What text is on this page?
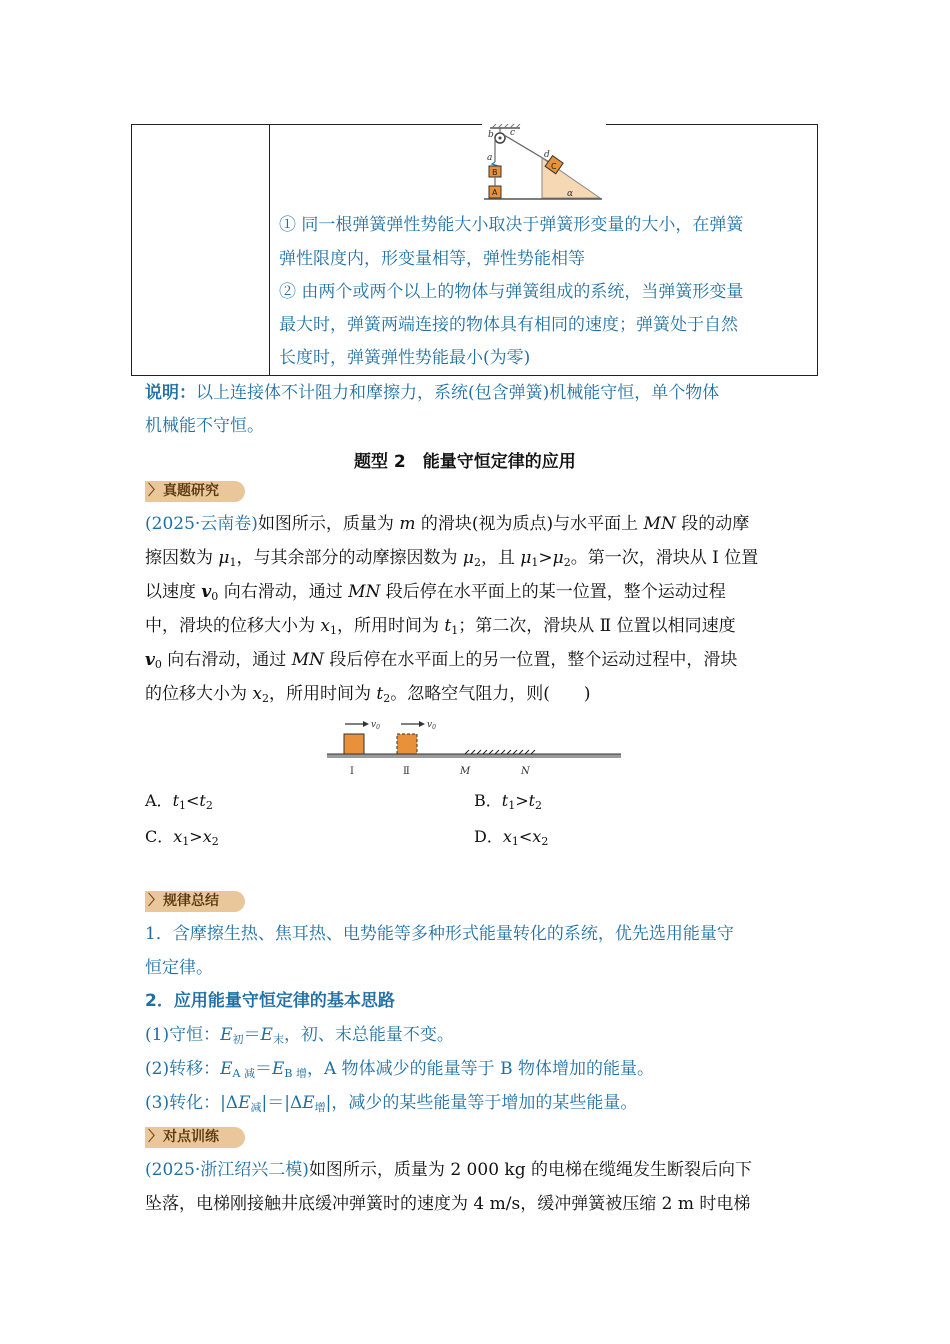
b c
a	d
B
A
C
α
① 同一根弹簧弹性势能大小取决于弹簧形变量的大小，在弹簧
弹性限度内，形变量相等，弹性势能相等
② 由两个或两个以上的物体与弹簧组成的系统，当弹簧形变量
最大时，弹簧两端连接的物体具有相同的速度；弹簧处于自然
长度时，弹簧弹性势能最小(为零)
说明：以上连接体不计阻力和摩擦力，系统(包含弹簧)机械能守恒，单个物体
机械能不守恒。
题型 2　能量守恒定律的应用
〉 真题研究
(2025·云南卷)如图所示，质量为 m 的滑块(视为质点)与水平面上 MN 段的动摩
擦因数为 $\mu_1$，与其余部分的动摩擦因数为 $\mu_2$，且 $\mu_1>\mu_2$。第一次，滑块从 Ⅰ 位置
以速度 $v_0$ 向右滑动，通过 MN 段后停在水平面上的某一位置，整个运动过程
中，滑块的位移大小为 $x_1$，所用时间为 $t_1$；第二次，滑块从 Ⅱ 位置以相同速度
$v_0$ 向右滑动，通过 MN 段后停在水平面上的另一位置，整个运动过程中，滑块
的位移大小为 $x_2$，所用时间为 $t_2$。忽略空气阻力，则(　　)
$v_0$	$v_0$
Ⅰ	Ⅱ	M	N
A．$t_1<t_2$	B．$t_1>t_2$
C．$x_1>x_2$	D．$x_1<x_2$
〉 规律总结
1．含摩擦生热、焦耳热、电势能等多种形式能量转化的系统，优先选用能量守
恒定律。
2．应用能量守恒定律的基本思路
(1)守恒：$E_初=E_末$，初、末总能量不变。
(2)转移：$E_{A 减}=E_{B 增}$，A 物体减少的能量等于 B 物体增加的能量。
(3)转化：$|\Delta E_减|=|\Delta E_增|$，减少的某些能量等于增加的某些能量。
〉 对点训练
(2025·浙江绍兴二模)如图所示，质量为 2 000 kg 的电梯在缆绳发生断裂后向下
坠落，电梯刚接触井底缓冲弹簧时的速度为 4 m/s，缓冲弹簧被压缩 2 m 时电梯
